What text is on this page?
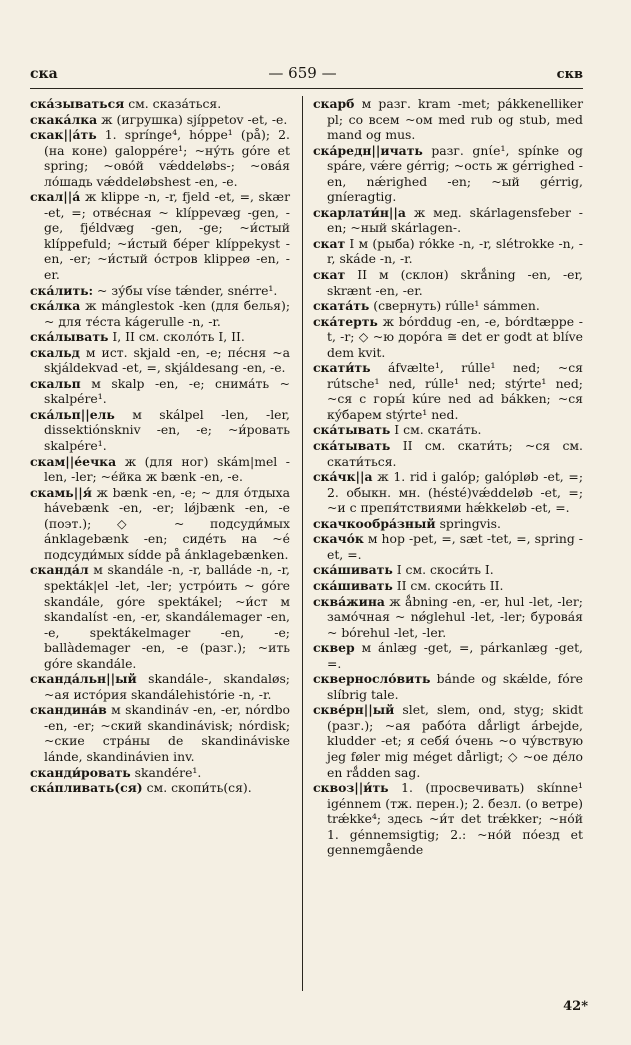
ска	— 659 —	скв

ска́зываться см. сказа́ться.

скака́лка ж (игрушка) sjíppetov -et, -e.

скак||а́ть 1. sprínge⁴, hóppe¹ (på); 2. (на коне) galoppére¹; ~ну́ть góre et spring; ~ово́й vǽddeløbs-; ~ова́я ло́шадь vǽddeløbshest -en, -e.

скал||а́ ж klippe -n, -r, fjeld -et, =, skær -et, =; отве́сная ~ klíppevæg -gen, -ge, fjéldvæg -gen, -ge; ~и́стый klíppefuld; ~и́стый бе́рег klíppekyst -en, -er; ~и́стый о́стров klippeø -en, -er.

ска́лить: ~ зу́бы víse tǽnder, snérre¹.

ска́лка ж mánglestok -ken (для белья); ~ для те́ста kágerulle -n, -r.

ска́лывать I, II см. сколо́ть I, II.

скальд м ист. skjald -en, -e; пе́сня ~а skjáldekvad -et, =, skjáldesang -en, -e.

скальп м skalp -en, -e; снима́ть ~ skalpére¹.

ска́льп||ель м skálpel -len, -ler, dissektiónskniv -en, -e; ~и́ровать skalpére¹.

скам||е́ечка ж (для ног) skám|mel -len, -ler; ~е́йка ж bænk -en, -e.

скамь||я́ ж bænk -en, -e; ~ для о́тдыха hávebænk -en, -er; lǿjbænk -en, -e (поэт.); ◇ ~ подсуди́мых ánklagebænk -en; сиде́ть на ~е́ подсуди́мых sídde på ánklagebænken.

сканда́л м skandále -n, -r, balláde -n, -r, spekták|el -let, -ler; устро́ить ~ góre skandále, góre spektákel; ~и́ст м skandalíst -en, -er, skandálemager -en, -e, spektákelmager -en, -e; ballàdemager -en, -e (разг.); ~ить góre skandále.

сканда́льн||ый skandále-, skandaløs; ~ая исто́рия skandálehistórie -n, -r.

скандина́в м skandináv -en, -er, nórdbo -en, -er; ~ский skandinávisk; nórdisk; ~ские стра́ны de skandináviske lánde, skandinávien inv.

сканди́ровать skandére¹.

ска́пливать(ся) см. скопи́ть(ся).

скарб м разг. kram -met; pákkenelliker pl; co всем ~ом med rub og stub, med mand og mus.

ска́редн||ичать разг. gnίe¹, spínke og spáre, vǽre gérrig; ~ость ж gérrighed -en, nǽrighed -en; ~ый gérrig, gníeragtig.

скарлати́н||а ж мед. skárlagensfeber -en; ~ный skárlagen-.

скат I м (рыба) rókke -n, -r, slétrokke -n, -r, skáde -n, -r.

скат II м (склон) skrǻning -en, -er, skrænt -en, -er.

ската́ть (свернуть) rúlle¹ sámmen.

ска́терть ж bórddug -en, -e, bórdtæppe -t, -r; ◇ ~ю доро́га ≅ det er godt at blíve dem kvit.

скати́ть áfvælte¹, rúlle¹ ned; ~ся rútsche¹ ned, rúlle¹ ned; stýrte¹ ned; ~ся с горы́ kúre ned ad bákken; ~ся ку́барем stýrte¹ ned.

ска́тывать I см. ската́ть.

ска́тывать II см. скати́ть; ~ся см. скати́ться.

ска́чк||а ж 1. rid i galóp; galópløb -et, =; 2. обыкн. мн. (hésté)vǽddeløb -et, =; ~и с препя́тствиями hǽkkeløb -et, =.

скачкообра́зный springvis.

скачо́к м hop -pet, =, sæt -tet, =, spring -et, =.

ска́шивать I см. скоси́ть I.

ска́шивать II см. скоси́ть II.

сква́жина ж ǻbning -en, -er, hul -let, -ler; замо́чная ~ nǿglehul -let, -ler; бурова́я ~ bórehul -let, -ler.

сквер м ánlæg -get, =, párkanlæg -get, =.

сквернoсло́вить bánde og skǽlde, fóre slíbrig tale.

скве́рн||ый slet, slem, ond, styg; skidt (разг.); ~ая рабо́та dǻrligt árbejde, kludder -et; я себя́ о́чень ~о чу́вствую jeg føler mig méget dårligt; ◇ ~ое де́ло en rǻdden sag.

сквоз||и́ть 1. (просвечивать) skínne¹ igénnem (тж. перен.); 2. безл. (о ветре) trǽkke⁴; здесь ~и́т det trǽkker; ~но́й 1. génnemsigtig; 2.: ~но́й по́езд et gennemgående

42*
